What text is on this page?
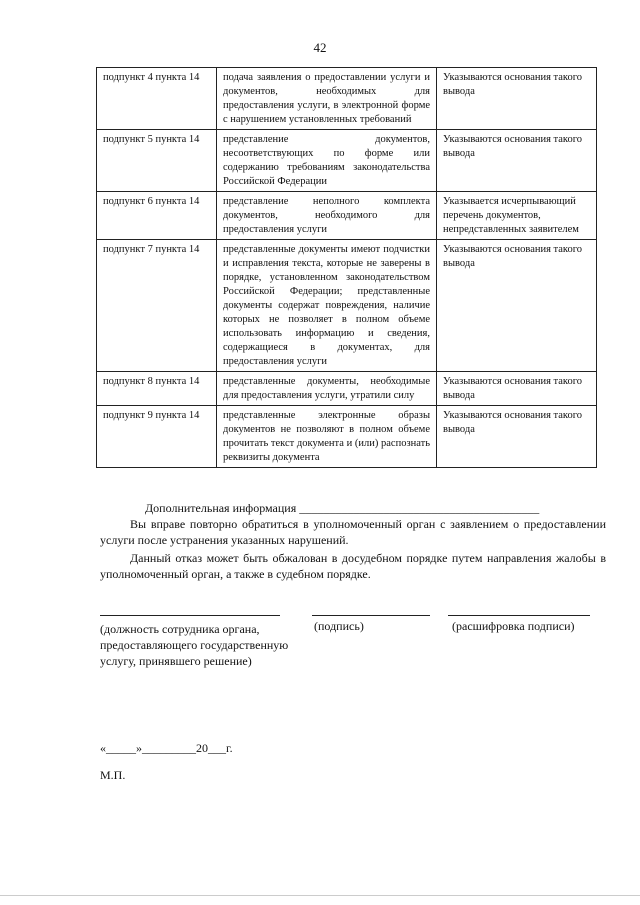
42
подпункт 4 пункта 14	подача заявления о предоставлении услуги и документов, необходимых для предоставления услуги, в электронной форме с нарушением установленных требований	Указываются основания такого вывода
подпункт 5 пункта 14	представление документов, несоответствующих по форме или содержанию требованиям законодательства Российской Федерации	Указываются основания такого вывода
подпункт 6 пункта 14	представление неполного комплекта документов, необходимого для предоставления услуги	Указывается исчерпывающий перечень документов, непредставленных заявителем
подпункт 7 пункта 14	представленные документы имеют подчистки и исправления текста, которые не заверены в порядке, установленном законодательством Российской Федерации; представленные документы содержат повреждения, наличие которых не позволяет в полном объеме использовать информацию и сведения, содержащиеся в документах, для предоставления услуги	Указываются основания такого вывода
подпункт 8 пункта 14	представленные документы, необходимые для предоставления услуги, утратили силу	Указываются основания такого вывода
подпункт 9 пункта 14	представленные электронные образы документов не позволяют в полном объеме прочитать текст документа и (или) распознать реквизиты документа	Указываются основания такого вывода
Дополнительная информация ________________________________________
Вы вправе повторно обратиться в уполномоченный орган с заявлением о предоставлении услуги после устранения указанных нарушений.
Данный отказ может быть обжалован в досудебном порядке путем направления жалобы в уполномоченный орган, а также в судебном порядке.
(должность сотрудника органа, предоставляющего государственную услугу, принявшего решение)
(подпись)	(расшифровка подписи)
«_____»_________20___г.
М.П.
